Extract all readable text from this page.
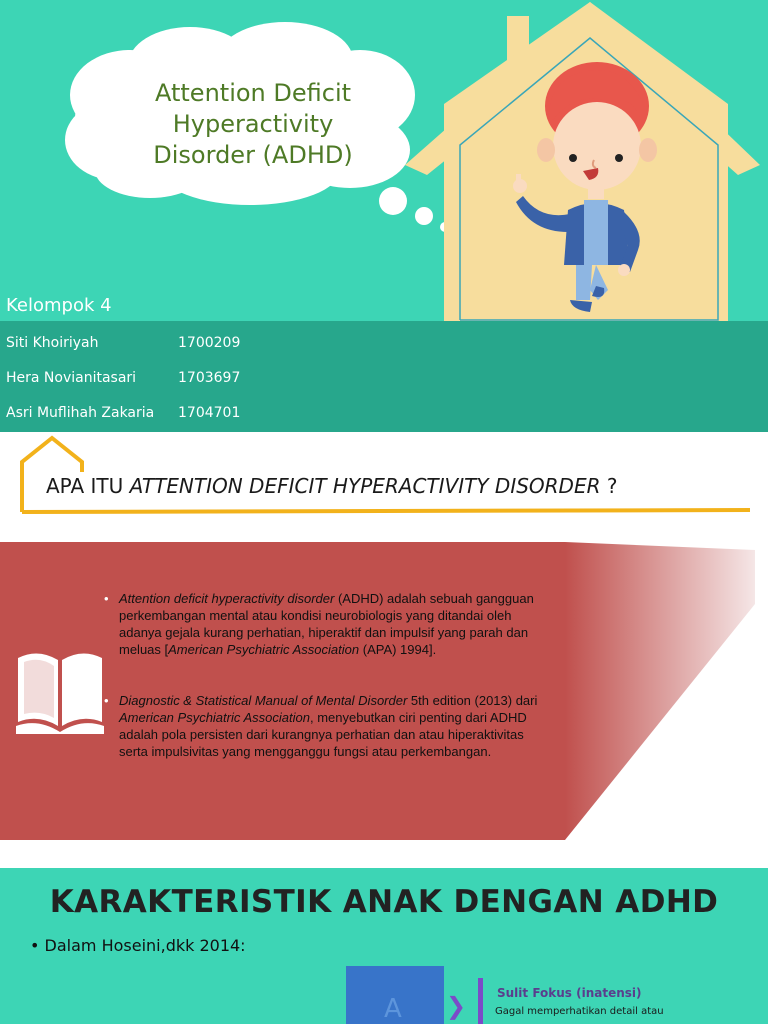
Attention Deficit
Hyperactivity
Disorder (ADHD)
Kelompok 4
Siti Khoiriyah	1700209
Hera Novianitasari	1703697
Asri Muflihah Zakaria 1704701
APA ITU ATTENTION DEFICIT HYPERACTIVITY DISORDER ?
• Attention deficit hyperactivity disorder (ADHD) adalah sebuah gangguan perkembangan mental atau kondisi neurobiologis yang ditandai oleh adanya gejala kurang perhatian, hiperaktif dan impulsif yang parah dan meluas [American Psychiatric Association (APA) 1994].
• Diagnostic & Statistical Manual of Mental Disorder 5th edition (2013) dari American Psychiatric Association, menyebutkan ciri penting dari ADHD adalah pola persisten dari kurangnya perhatian dan atau hiperaktivitas serta impulsivitas yang mengganggu fungsi atau perkembangan.
KARAKTERISTIK ANAK DENGAN ADHD
• Dalam Hoseini,dkk 2014:
A ❯	Sulit Fokus (inatensi)
Gagal memperhatikan detail atau
